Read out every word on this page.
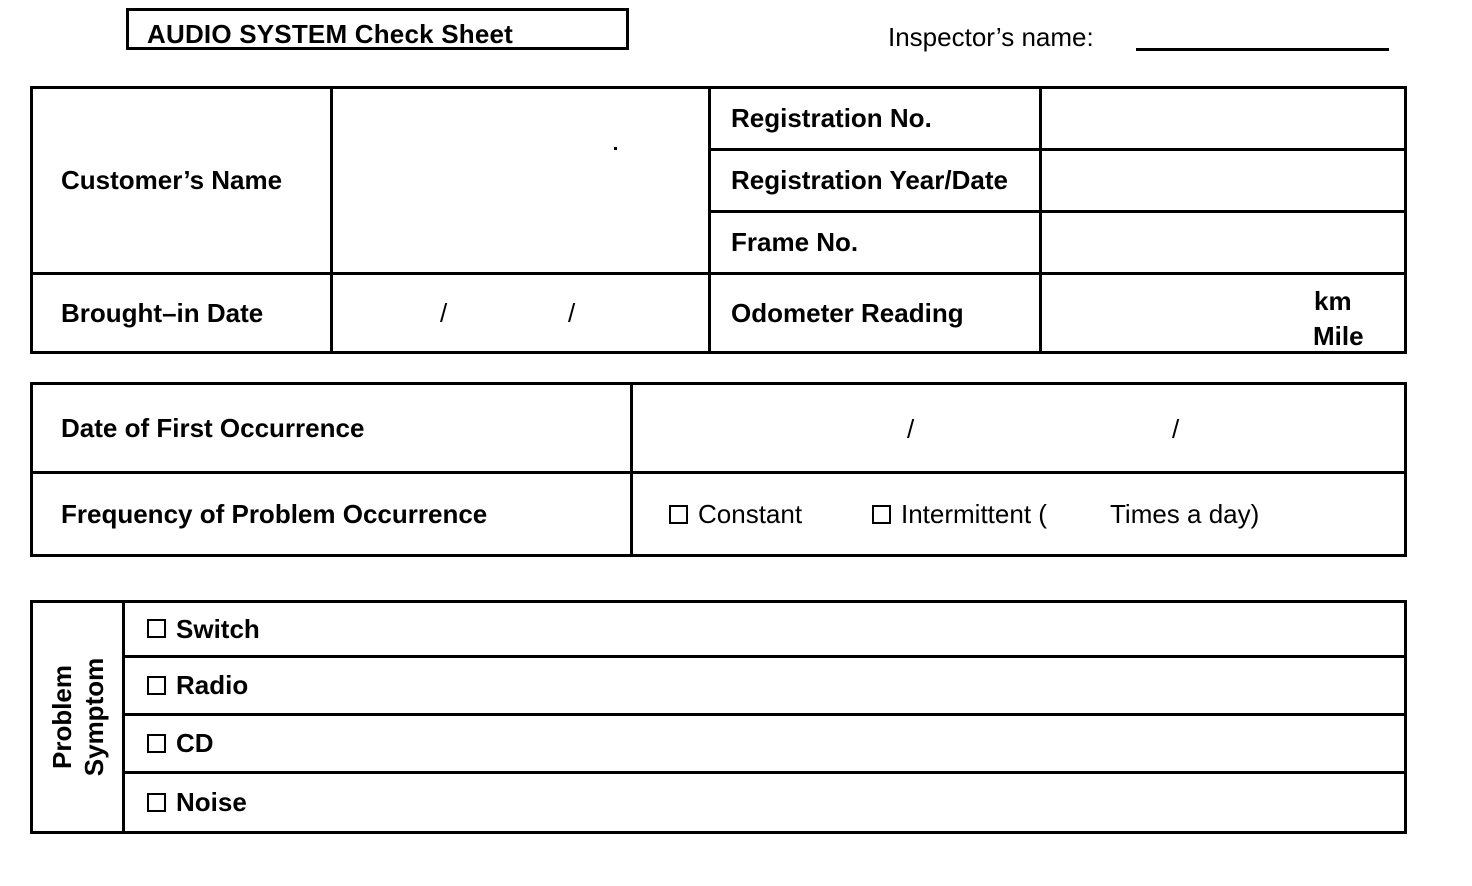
AUDIO SYSTEM Check Sheet	Inspector’s name:
Customer’s Name		Registration No.	
		Registration Year/Date	
		Frame No.	
Brought–in Date	/ /	Odometer Reading	km
Mile
Date of First Occurrence	/ /

Frequency of Problem Occurrence	Constant Intermittent ( Times a day)
Problem Symptom
	Switch
Radio
CD
Noise
